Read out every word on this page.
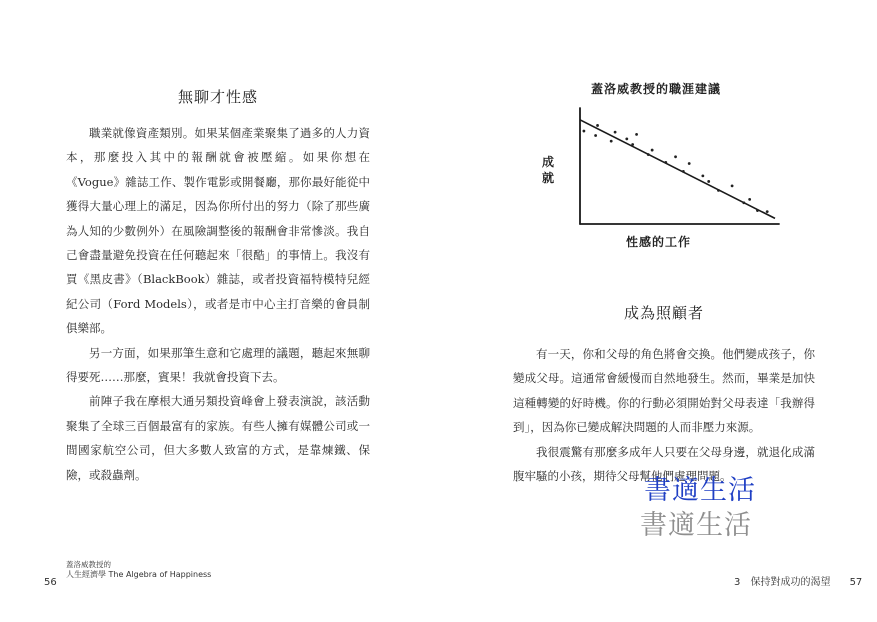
無聊才性感

職業就像資產類別。如果某個產業聚集了過多的人力資本，那麼投入其中的報酬就會被壓縮。如果你想在《Vogue》雜誌工作、製作電影或開餐廳，那你最好能從中獲得大量心理上的滿足，因為你所付出的努力（除了那些廣為人知的少數例外）在風險調整後的報酬會非常慘淡。我自己會盡量避免投資在任何聽起來「很酷」的事情上。我沒有買《黑皮書》（BlackBook）雜誌，或者投資福特模特兒經紀公司（Ford Models），或者是市中心主打音樂的會員制俱樂部。

另一方面，如果那筆生意和它處理的議題，聽起來無聊得要死……那麼，賓果！我就會投資下去。

前陣子我在摩根大通另類投資峰會上發表演說，該活動聚集了全球三百個最富有的家族。有些人擁有媒體公司或一間國家航空公司，但大多數人致富的方式，是靠煉鐵、保險，或殺蟲劑。

56
蓋洛威教授的
人生經濟學 The Algebra of Happiness
蓋洛威教授的職涯建議
成就
性感的工作
成為照顧者

有一天，你和父母的角色將會交換。他們變成孩子，你變成父母。這通常會緩慢而自然地發生。然而，畢業是加快這種轉變的好時機。你的行動必須開始對父母表達「我辦得到」，因為你已變成解決問題的人而非壓力來源。

我很震驚有那麼多成年人只要在父母身邊，就退化成滿腹牢騷的小孩，期待父母幫他們處理問題。

3 保持對成功的渴望 57
書適生活
書適生活
